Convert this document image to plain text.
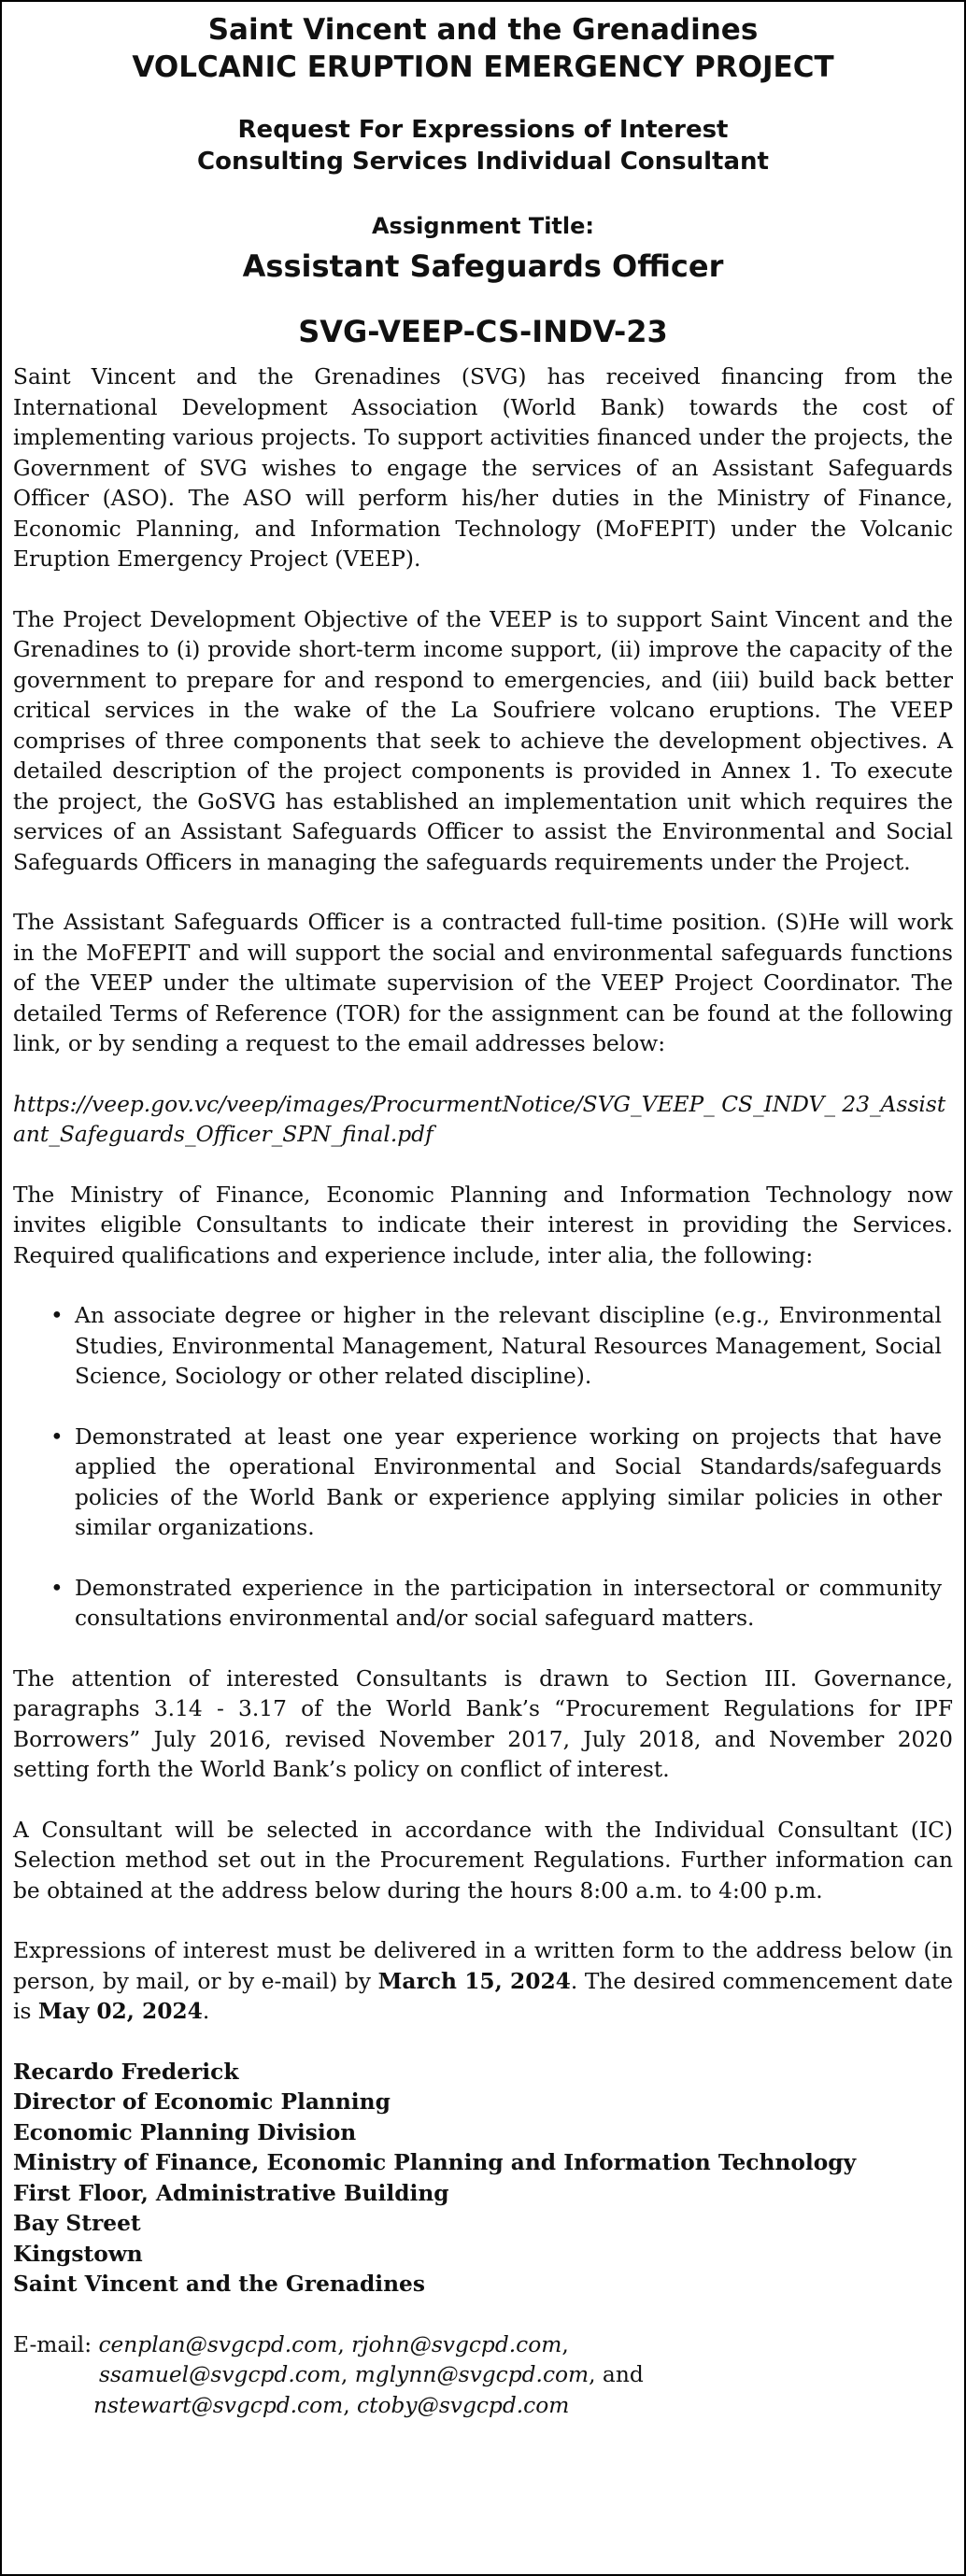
Saint Vincent and the Grenadines
VOLCANIC ERUPTION EMERGENCY PROJECT
Request For Expressions of Interest
Consulting Services Individual Consultant
Assignment Title:
Assistant Safeguards Officer
SVG-VEEP-CS-INDV-23

Saint Vincent and the Grenadines (SVG) has received financing from the International Development Association (World Bank) towards the cost of implementing various projects. To support activities financed under the projects, the Government of SVG wishes to engage the services of an Assistant Safeguards Officer (ASO). The ASO will perform his/her duties in the Ministry of Finance, Economic Planning, and Information Technology (MoFEPIT) under the Volcanic Eruption Emergency Project (VEEP).

The Project Development Objective of the VEEP is to support Saint Vincent and the Grenadines to (i) provide short-term income support, (ii) improve the capacity of the government to prepare for and respond to emergencies, and (iii) build back better critical services in the wake of the La Soufriere volcano eruptions. The VEEP comprises of three components that seek to achieve the development objectives. A detailed description of the project components is provided in Annex 1. To execute the project, the GoSVG has established an implementation unit which requires the services of an Assistant Safeguards Officer to assist the Environmental and Social Safeguards Officers in managing the safeguards requirements under the Project.

The Assistant Safeguards Officer is a contracted full-time position. (S)He will work in the MoFEPIT and will support the social and environmental safeguards functions of the VEEP under the ultimate supervision of the VEEP Project Coordinator. The detailed Terms of Reference (TOR) for the assignment can be found at the following link, or by sending a request to the email addresses below:

https://veep.gov.vc/veep/images/ProcurmentNotice/SVG_VEEP_ CS_INDV_ 23_Assistant_Safeguards_Officer_SPN_final.pdf

The Ministry of Finance, Economic Planning and Information Technology now invites eligible Consultants to indicate their interest in providing the Services. Required qualifications and experience include, inter alia, the following:

• An associate degree or higher in the relevant discipline (e.g., Environmental Studies, Environmental Management, Natural Resources Management, Social Science, Sociology or other related discipline).
• Demonstrated at least one year experience working on projects that have applied the operational Environmental and Social Standards/safeguards policies of the World Bank or experience applying similar policies in other similar organizations.
• Demonstrated experience in the participation in intersectoral or community consultations environmental and/or social safeguard matters.

The attention of interested Consultants is drawn to Section III. Governance, paragraphs 3.14 - 3.17 of the World Bank’s “Procurement Regulations for IPF Borrowers” July 2016, revised November 2017, July 2018, and November 2020 setting forth the World Bank’s policy on conflict of interest.

A Consultant will be selected in accordance with the Individual Consultant (IC) Selection method set out in the Procurement Regulations. Further information can be obtained at the address below during the hours 8:00 a.m. to 4:00 p.m.

Expressions of interest must be delivered in a written form to the address below (in person, by mail, or by e-mail) by March 15, 2024. The desired commencement date is May 02, 2024.

Recardo Frederick
Director of Economic Planning
Economic Planning Division
Ministry of Finance, Economic Planning and Information Technology
First Floor, Administrative Building
Bay Street
Kingstown
Saint Vincent and the Grenadines
E-mail: cenplan@svgcpd.com, rjohn@svgcpd.com,
ssamuel@svgcpd.com, mglynn@svgcpd.com, and
nstewart@svgcpd.com, ctoby@svgcpd.com
